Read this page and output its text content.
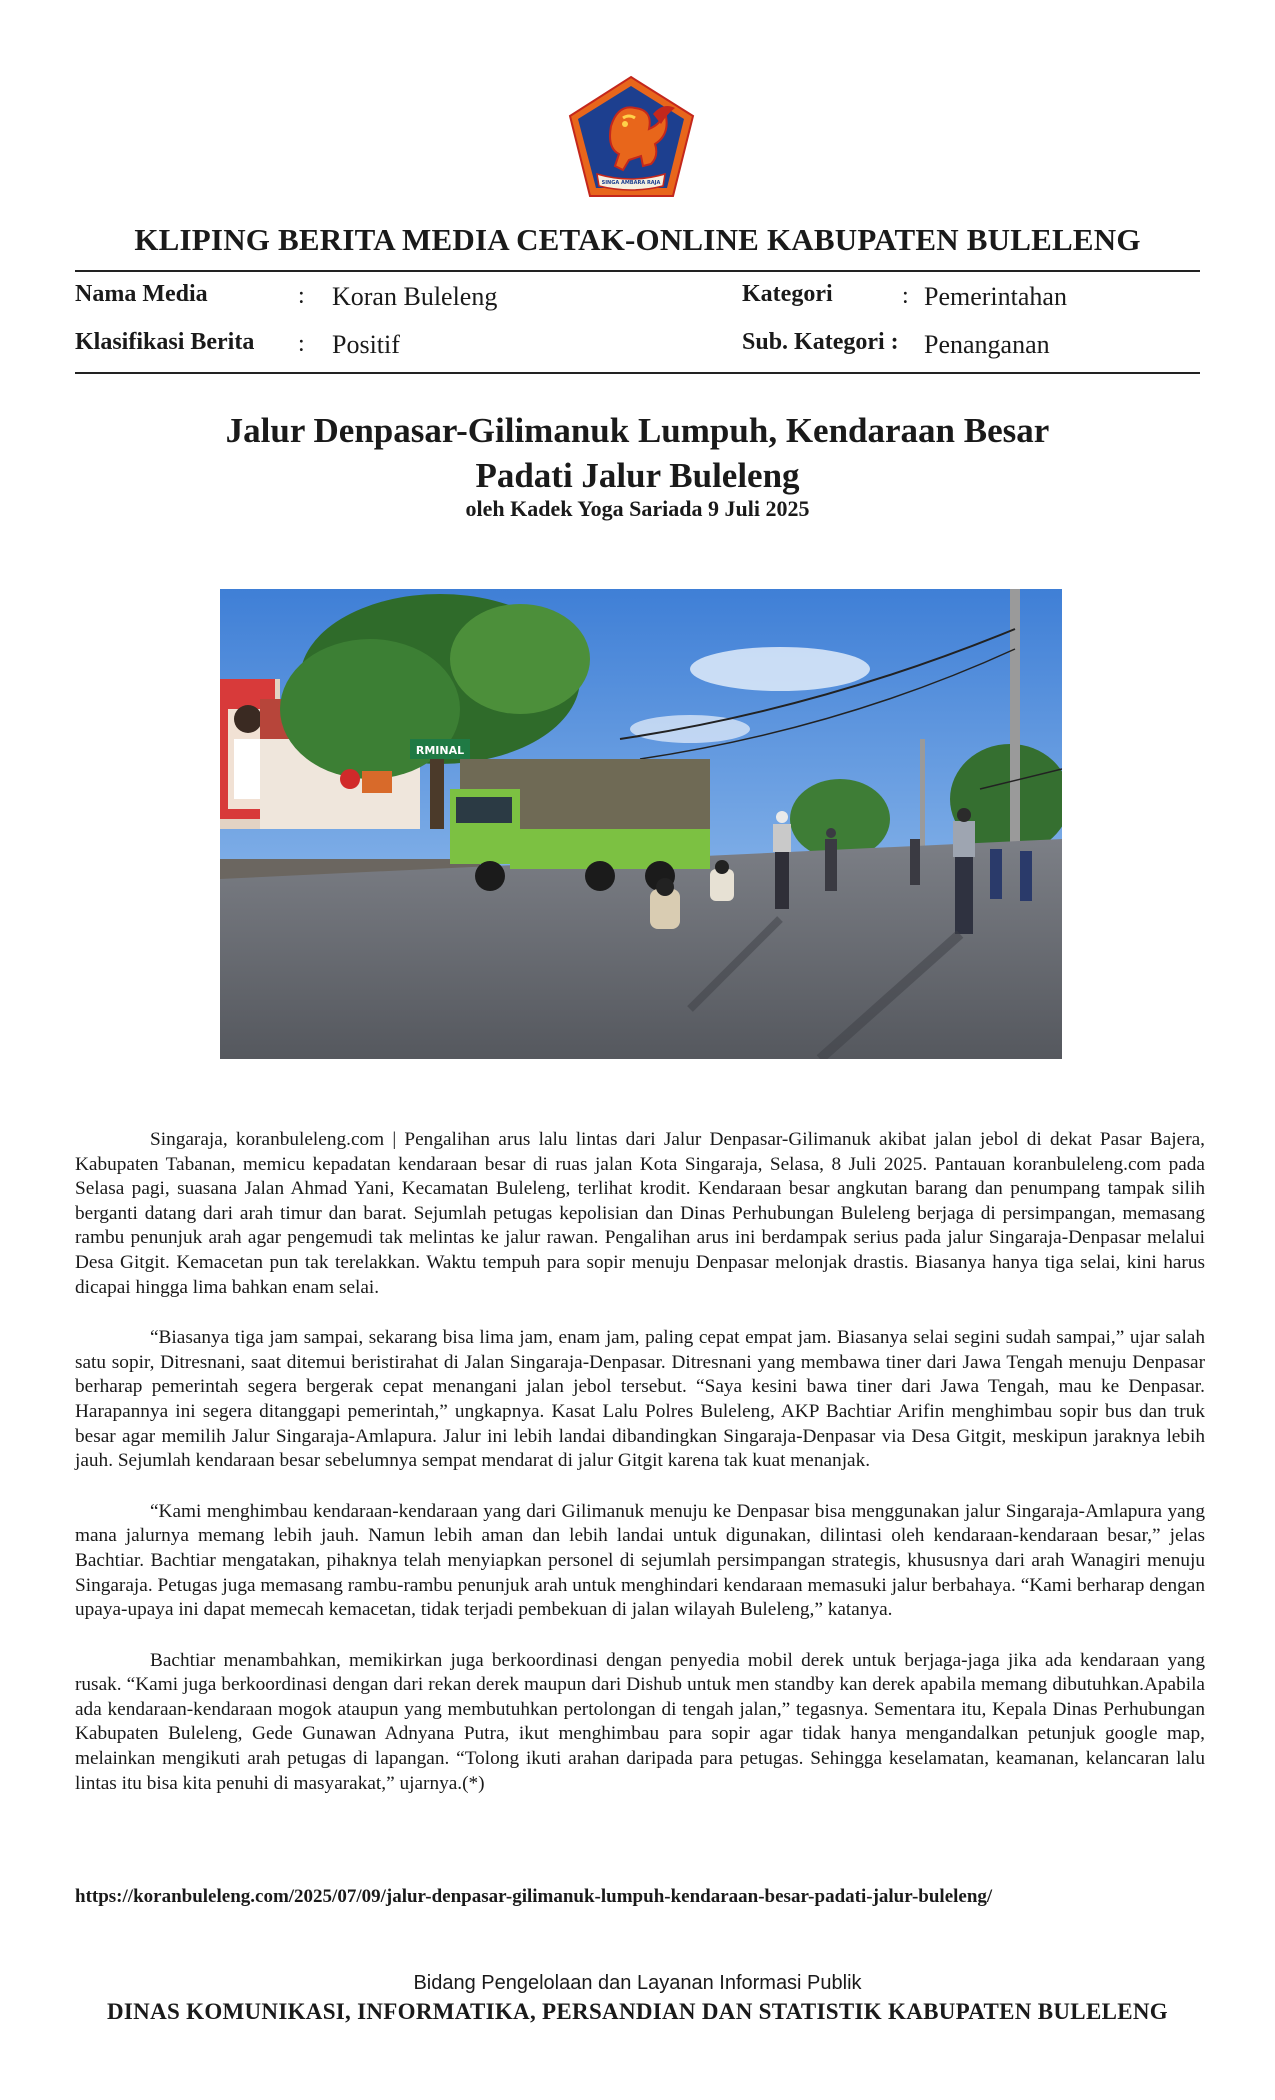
SINGA AMBARA RAJA
KLIPING BERITA MEDIA CETAK-ONLINE KABUPATEN BULELENG
Nama Media	: Koran Buleleng	Kategori	: Pemerintahan
Klasifikasi Berita : Positif	Sub. Kategori : Penanganan
Jalur Denpasar-Gilimanuk Lumpuh, Kendaraan Besar
Padati Jalur Buleleng
oleh Kadek Yoga Sariada 9 Juli 2025
RMINAL

Singaraja, koranbuleleng.com | Pengalihan arus lalu lintas dari Jalur Denpasar-Gilimanuk akibat jalan jebol di dekat Pasar Bajera, Kabupaten Tabanan, memicu kepadatan kendaraan besar di ruas jalan Kota Singaraja, Selasa, 8 Juli 2025. Pantauan koranbuleleng.com pada Selasa pagi, suasana Jalan Ahmad Yani, Kecamatan Buleleng, terlihat krodit. Kendaraan besar angkutan barang dan penumpang tampak silih berganti datang dari arah timur dan barat. Sejumlah petugas kepolisian dan Dinas Perhubungan Buleleng berjaga di persimpangan, memasang rambu penunjuk arah agar pengemudi tak melintas ke jalur rawan. Pengalihan arus ini berdampak serius pada jalur Singaraja-Denpasar melalui Desa Gitgit. Kemacetan pun tak terelakkan. Waktu tempuh para sopir menuju Denpasar melonjak drastis. Biasanya hanya tiga selai, kini harus dicapai hingga lima bahkan enam selai.

“Biasanya tiga jam sampai, sekarang bisa lima jam, enam jam, paling cepat empat jam. Biasanya selai segini sudah sampai,” ujar salah satu sopir, Ditresnani, saat ditemui beristirahat di Jalan Singaraja-Denpasar. Ditresnani yang membawa tiner dari Jawa Tengah menuju Denpasar berharap pemerintah segera bergerak cepat menangani jalan jebol tersebut. “Saya kesini bawa tiner dari Jawa Tengah, mau ke Denpasar. Harapannya ini segera ditanggapi pemerintah,” ungkapnya. Kasat Lalu Polres Buleleng, AKP Bachtiar Arifin menghimbau sopir bus dan truk besar agar memilih Jalur Singaraja-Amlapura. Jalur ini lebih landai dibandingkan Singaraja-Denpasar via Desa Gitgit, meskipun jaraknya lebih jauh. Sejumlah kendaraan besar sebelumnya sempat mendarat di jalur Gitgit karena tak kuat menanjak.

“Kami menghimbau kendaraan-kendaraan yang dari Gilimanuk menuju ke Denpasar bisa menggunakan jalur Singaraja-Amlapura yang mana jalurnya memang lebih jauh. Namun lebih aman dan lebih landai untuk digunakan, dilintasi oleh kendaraan-kendaraan besar,” jelas Bachtiar. Bachtiar mengatakan, pihaknya telah menyiapkan personel di sejumlah persimpangan strategis, khususnya dari arah Wanagiri menuju Singaraja. Petugas juga memasang rambu-rambu penunjuk arah untuk menghindari kendaraan memasuki jalur berbahaya. “Kami berharap dengan upaya-upaya ini dapat memecah kemacetan, tidak terjadi pembekuan di jalan wilayah Buleleng,” katanya.

Bachtiar menambahkan, memikirkan juga berkoordinasi dengan penyedia mobil derek untuk berjaga-jaga jika ada kendaraan yang rusak. “Kami juga berkoordinasi dengan dari rekan derek maupun dari Dishub untuk men standby kan derek apabila memang dibutuhkan.Apabila ada kendaraan-kendaraan mogok ataupun yang membutuhkan pertolongan di tengah jalan,” tegasnya. Sementara itu, Kepala Dinas Perhubungan Kabupaten Buleleng, Gede Gunawan Adnyana Putra, ikut menghimbau para sopir agar tidak hanya mengandalkan petunjuk google map, melainkan mengikuti arah petugas di lapangan. “Tolong ikuti arahan daripada para petugas. Sehingga keselamatan, keamanan, kelancaran lalu lintas itu bisa kita penuhi di masyarakat,” ujarnya.(*)

https://koranbuleleng.com/2025/07/09/jalur-denpasar-gilimanuk-lumpuh-kendaraan-besar-padati-jalur-buleleng/
Bidang Pengelolaan dan Layanan Informasi Publik
DINAS KOMUNIKASI, INFORMATIKA, PERSANDIAN DAN STATISTIK KABUPATEN BULELENG
